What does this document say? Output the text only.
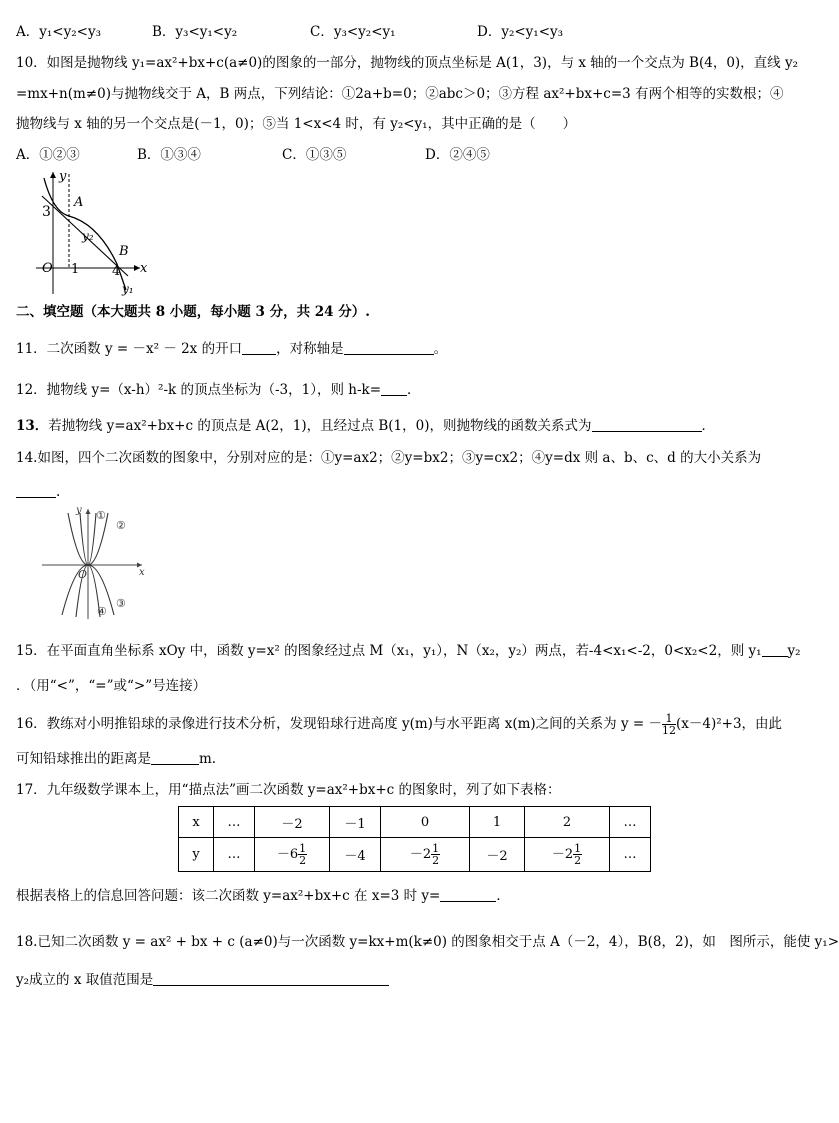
A．y₁<y₂<y₃	B．y₃<y₁<y₂	C．y₃<y₂<y₁	D．y₂<y₁<y₃
10．如图是抛物线 y₁=ax²+bx+c(a≠0)的图象的一部分，抛物线的顶点坐标是 A(1，3)，与 x 轴的一个交点为 B(4，0)，直线 y₂
=mx+n(m≠0)与抛物线交于 A，B 两点，下列结论：①2a+b=0；②abc＞0；③方程 ax²+bx+c=3 有两个相等的实数根；④
抛物线与 x 轴的另一个交点是(－1，0)；⑤当 1<x<4 时，有 y₂<y₁，其中正确的是（　　）
A．①②③	B．①③④	C．①③⑤	D．②④⑤
y
x
O
3
1	4
A
B
y₂
y₁
二、填空题（本大题共 8 小题，每小题 3 分，共 24 分）.
11．二次函数 y = －x² － 2x 的开口	，对称轴是	。
12．抛物线 y=（x-h）²-k 的顶点坐标为（-3，1），则 h-k= ．
13．若抛物线 y=ax²+bx+c 的顶点是 A(2，1)，且经过点 B(1，0)，则抛物线的函数关系式为	．
14.如图，四个二次函数的图象中，分别对应的是：①y=ax2；②y=bx2；③y=cx2；④y=dx 则 a、b、c、d 的大小关系为
.
y
x
O
①
②
③
④
15．在平面直角坐标系 xOy 中，函数 y=x² 的图象经过点 M（x₁，y₁），N（x₂，y₂）两点，若-4<x₁<-2，0<x₂<2，则 y₁ y₂
．（用“<”，“=”或“>”号连接）
16．教练对小明推铅球的录像进行技术分析，发现铅球行进高度 y(m)与水平距离 x(m)之间的关系为 y = － $\frac{1}{12} (x-4)^2+3$，由此
可知铅球推出的距离是	m.
17．九年级数学课本上，用“描点法”画二次函数 y=ax²+bx+c 的图象时，列了如下表格：
x	…	－2	－1	0	1	2	…
y	…	$-6 \frac{1}{2}$	－4	$-2 \frac{1}{2}$	－2	$-2 \frac{1}{2}$	…
根据表格上的信息回答问题：该二次函数 y=ax²+bx+c 在 x=3 时 y=	．
18.已知二次函数 y = ax² + bx + c (a≠0)与一次函数 y=kx+m(k≠0) 的图象相交于点 A（－2，4），B(8，2)，如　图所示，能使 y₁>
y₂成立的 x 取值范围是
